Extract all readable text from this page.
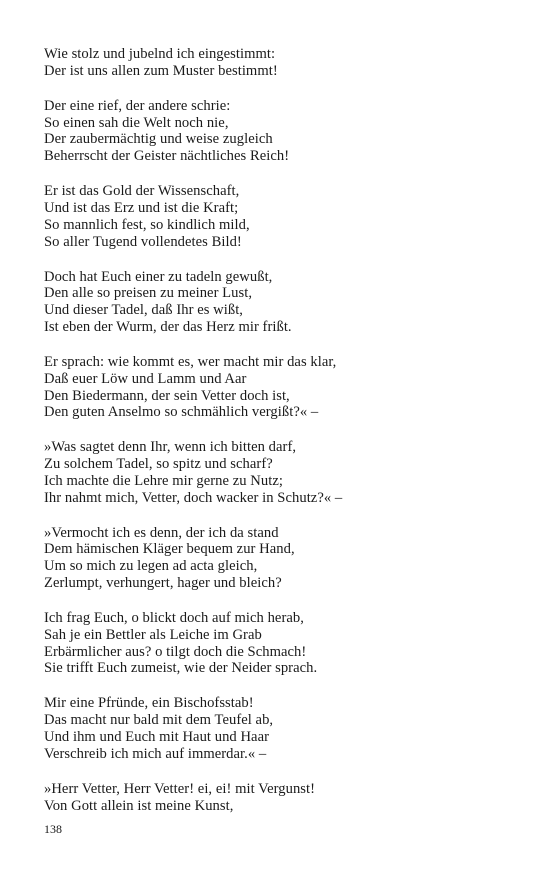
Wie stolz und jubelnd ich eingestimmt:
Der ist uns allen zum Muster bestimmt!
Der eine rief, der andere schrie:
So einen sah die Welt noch nie,
Der zaubermächtig und weise zugleich
Beherrscht der Geister nächtliches Reich!
Er ist das Gold der Wissenschaft,
Und ist das Erz und ist die Kraft;
So mannlich fest, so kindlich mild,
So aller Tugend vollendetes Bild!
Doch hat Euch einer zu tadeln gewußt,
Den alle so preisen zu meiner Lust,
Und dieser Tadel, daß Ihr es wißt,
Ist eben der Wurm, der das Herz mir frißt.
Er sprach: wie kommt es, wer macht mir das klar,
Daß euer Löw und Lamm und Aar
Den Biedermann, der sein Vetter doch ist,
Den guten Anselmo so schmählich vergißt?« –
»Was sagtet denn Ihr, wenn ich bitten darf,
Zu solchem Tadel, so spitz und scharf?
Ich machte die Lehre mir gerne zu Nutz;
Ihr nahmt mich, Vetter, doch wacker in Schutz?« –
»Vermocht ich es denn, der ich da stand
Dem hämischen Kläger bequem zur Hand,
Um so mich zu legen ad acta gleich,
Zerlumpt, verhungert, hager und bleich?
Ich frag Euch, o blickt doch auf mich herab,
Sah je ein Bettler als Leiche im Grab
Erbärmlicher aus? o tilgt doch die Schmach!
Sie trifft Euch zumeist, wie der Neider sprach.
Mir eine Pfründe, ein Bischofsstab!
Das macht nur bald mit dem Teufel ab,
Und ihm und Euch mit Haut und Haar
Verschreib ich mich auf immerdar.« –
»Herr Vetter, Herr Vetter! ei, ei! mit Vergunst!
Von Gott allein ist meine Kunst,
138
